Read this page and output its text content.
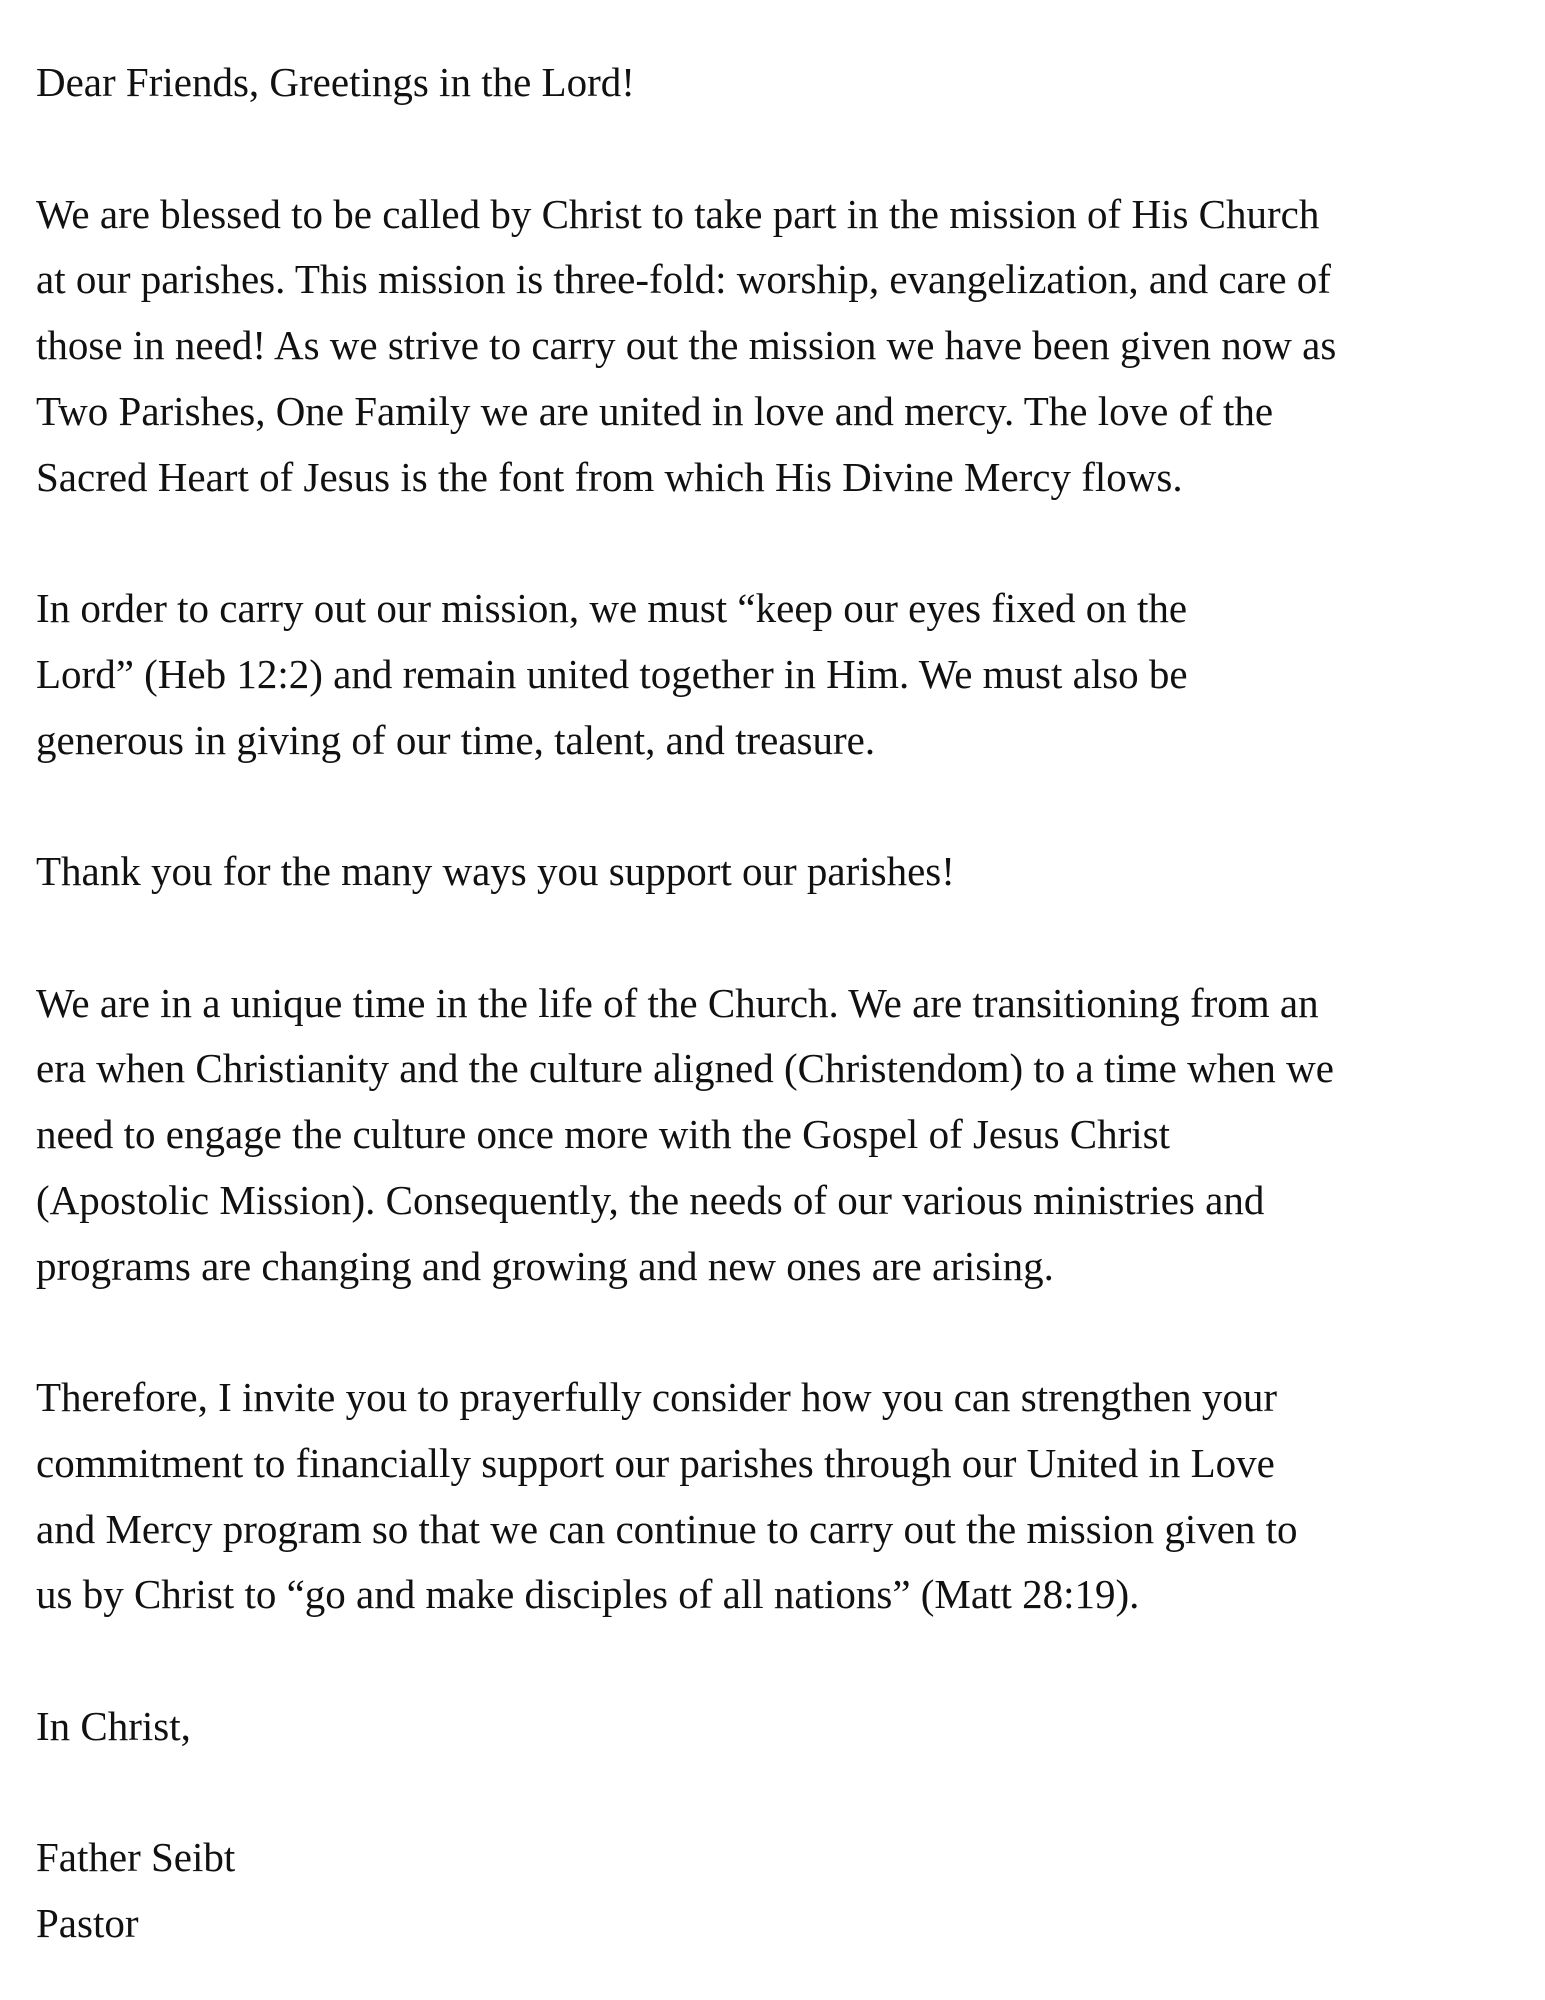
Dear Friends, Greetings in the Lord!
We are blessed to be called by Christ to take part in the mission of His Church
at our parishes. This mission is three-fold: worship, evangelization, and care of
those in need! As we strive to carry out the mission we have been given now as
Two Parishes, One Family we are united in love and mercy. The love of the
Sacred Heart of Jesus is the font from which His Divine Mercy flows.
In order to carry out our mission, we must “keep our eyes fixed on the
Lord” (Heb 12:2) and remain united together in Him. We must also be
generous in giving of our time, talent, and treasure.
Thank you for the many ways you support our parishes!
We are in a unique time in the life of the Church. We are transitioning from an
era when Christianity and the culture aligned (Christendom) to a time when we
need to engage the culture once more with the Gospel of Jesus Christ
(Apostolic Mission). Consequently, the needs of our various ministries and
programs are changing and growing and new ones are arising.
Therefore, I invite you to prayerfully consider how you can strengthen your
commitment to financially support our parishes through our United in Love
and Mercy program so that we can continue to carry out the mission given to
us by Christ to “go and make disciples of all nations” (Matt 28:19).
In Christ,
Father Seibt
Pastor
